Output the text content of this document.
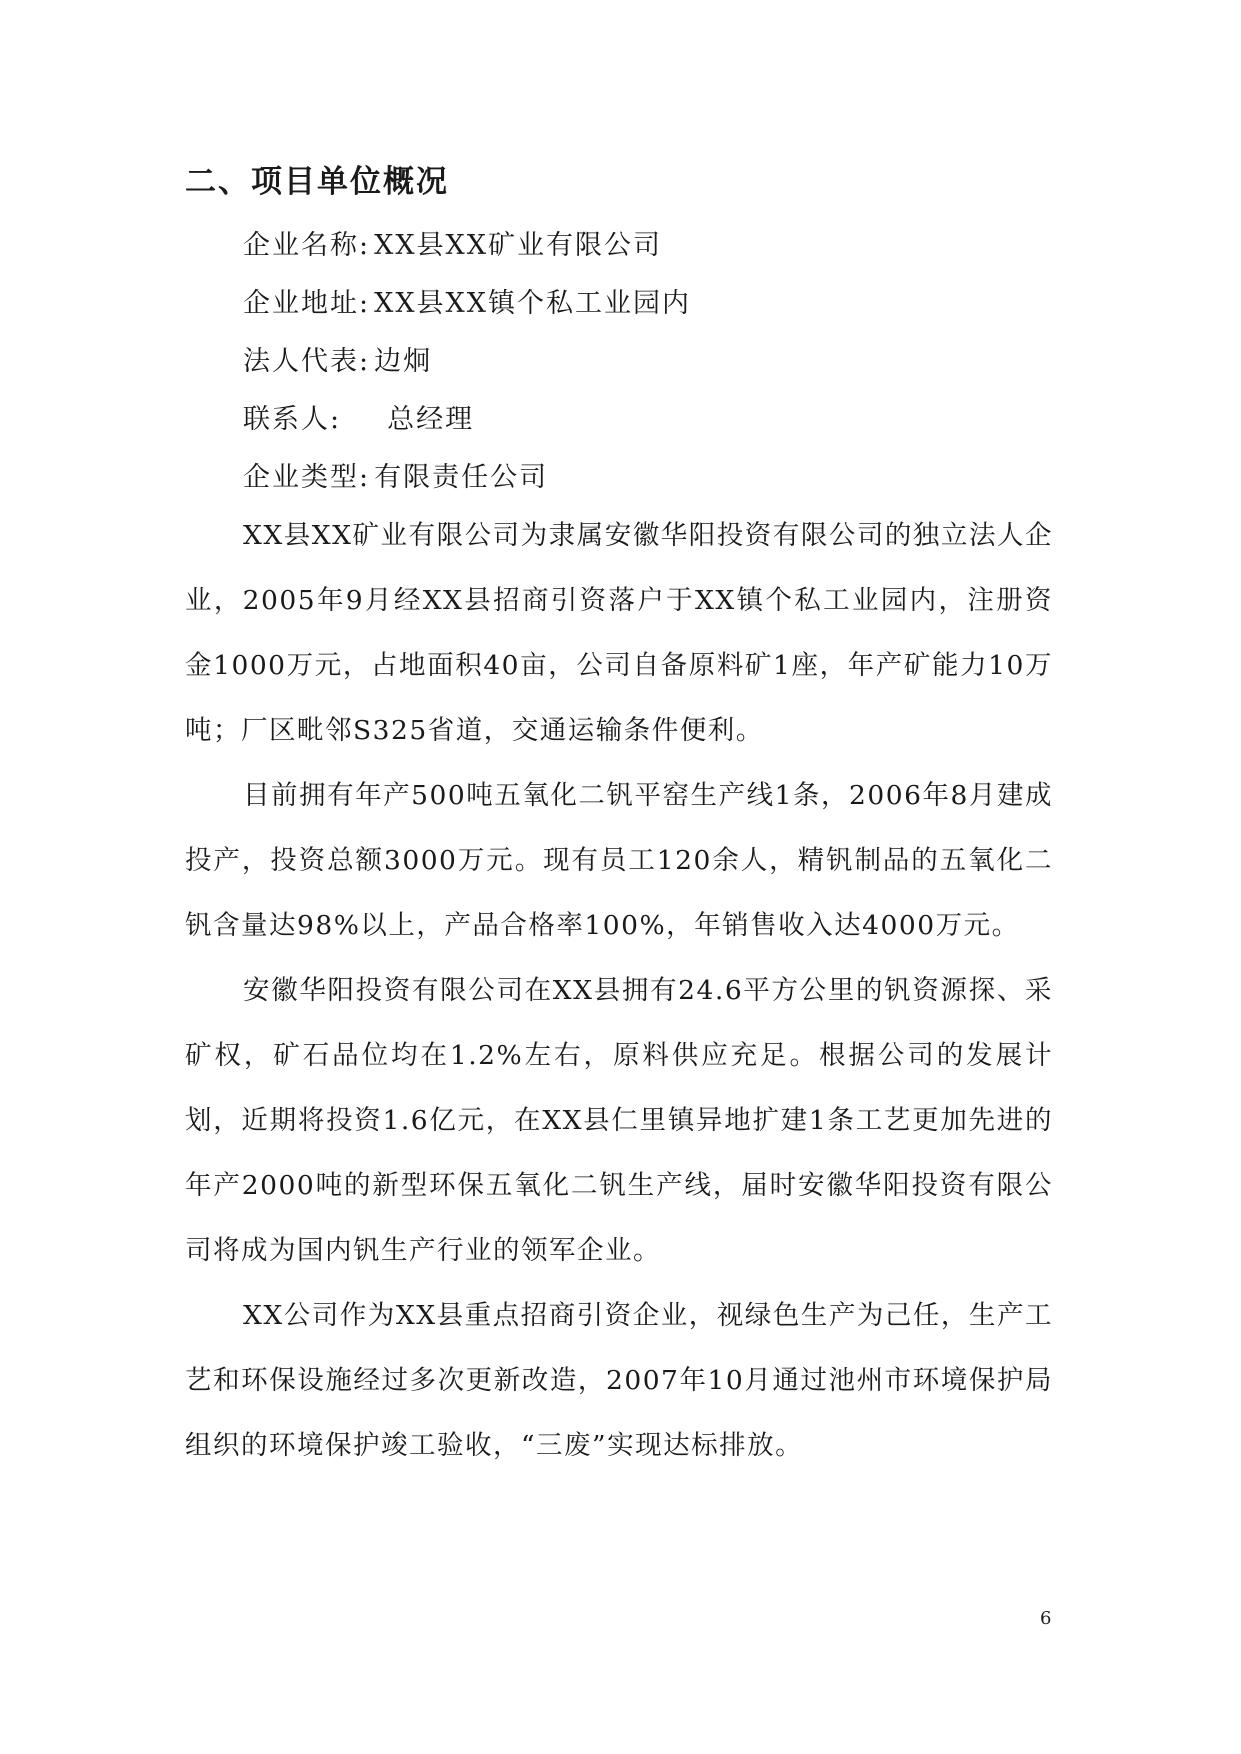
二、项目单位概况
企业名称: XX县XX矿业有限公司
企业地址: XX县XX镇个私工业园内
法人代表: 边炯
联系人: 总经理
企业类型: 有限责任公司

XX县XX矿业有限公司为隶属安徽华阳投资有限公司的独立法人企业，2005年9月经XX县招商引资落户于XX镇个私工业园内，注册资金1000万元，占地面积40亩，公司自备原料矿1座，年产矿能力10万吨；厂区毗邻S325省道，交通运输条件便利。

目前拥有年产500吨五氧化二钒平窑生产线1条，2006年8月建成投产，投资总额3000万元。现有员工120余人，精钒制品的五氧化二钒含量达98%以上，产品合格率100%，年销售收入达4000万元。

安徽华阳投资有限公司在XX县拥有24.6平方公里的钒资源探、采矿权，矿石品位均在1.2%左右，原料供应充足。根据公司的发展计划，近期将投资1.6亿元，在XX县仁里镇异地扩建1条工艺更加先进的年产2000吨的新型环保五氧化二钒生产线，届时安徽华阳投资有限公司将成为国内钒生产行业的领军企业。

XX公司作为XX县重点招商引资企业，视绿色生产为己任，生产工艺和环保设施经过多次更新改造，2007年10月通过池州市环境保护局组织的环境保护竣工验收，“三废”实现达标排放。

6
